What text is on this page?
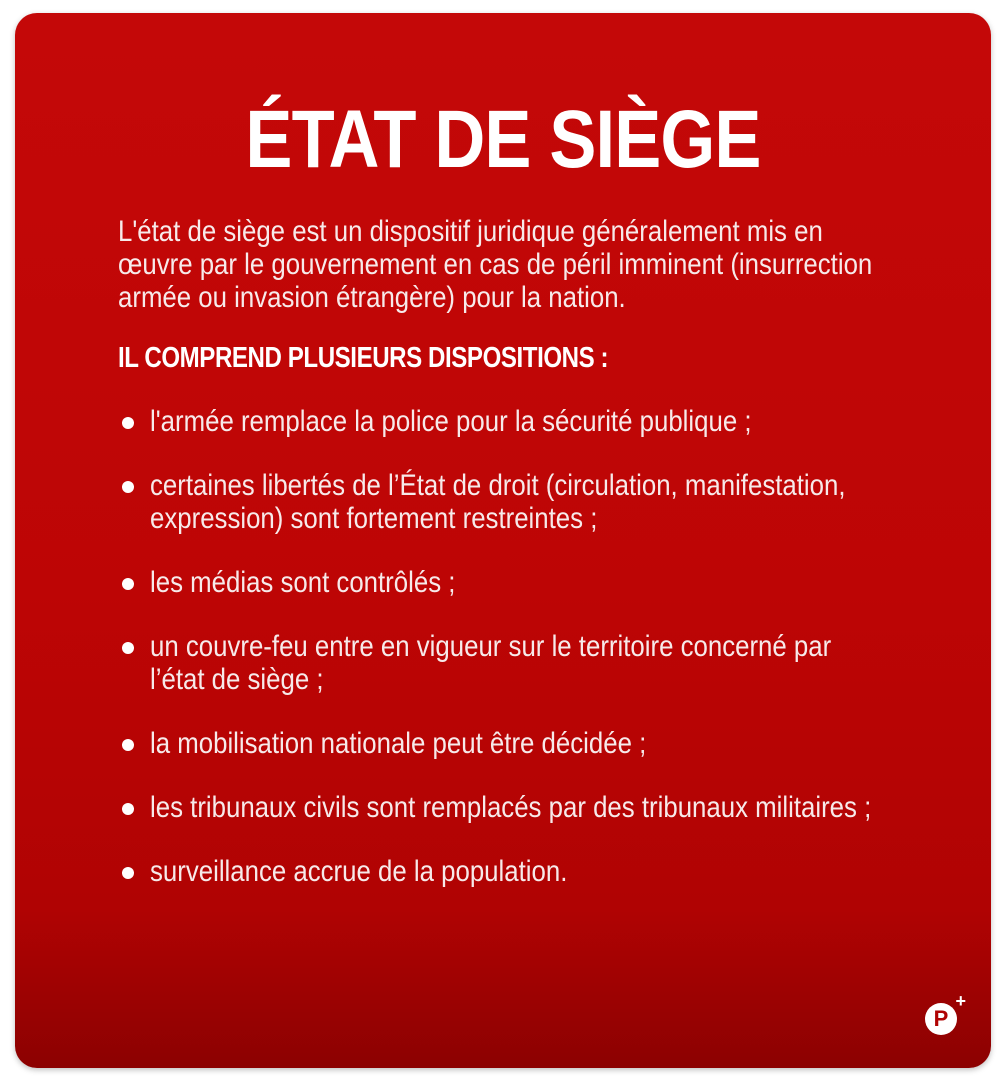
ÉTAT DE SIÈGE

L'état de siège est un dispositif juridique généralement mis en œuvre par le gouvernement en cas de péril imminent (insurrection armée ou invasion étrangère) pour la nation.

IL COMPREND PLUSIEURS DISPOSITIONS :

l'armée remplace la police pour la sécurité publique ;
certaines libertés de l’État de droit (circulation, manifestation, expression) sont fortement restreintes ;
les médias sont contrôlés ;
un couvre-feu entre en vigueur sur le territoire concerné par l’état de siège ;
la mobilisation nationale peut être décidée ;
les tribunaux civils sont remplacés par des tribunaux militaires ;
surveillance accrue de la population.
P
+
